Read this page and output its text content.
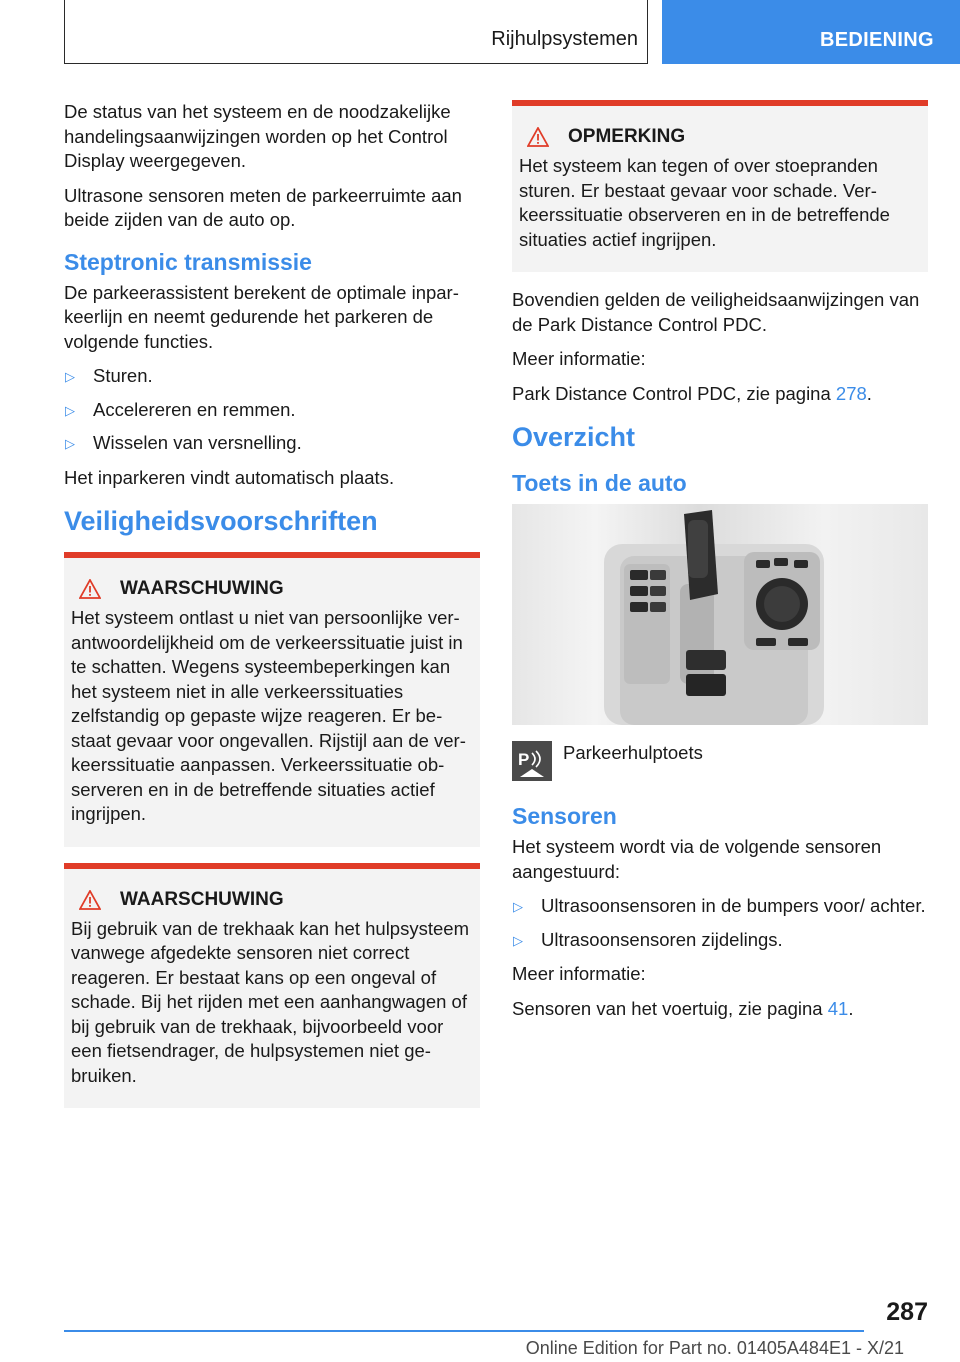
Rijhulpsystemen	BEDIENING

De status van het systeem en de noodzakelijke handelingsaanwijzingen worden op het Control Display weergegeven.

Ultrasone sensoren meten de parkeerruimte aan beide zijden van de auto op.

Steptronic transmissie

De parkeerassistent berekent de optimale inparkeerlijn en neemt gedurende het parkeren de volgende functies.

▷ Sturen.
▷ Accelereren en remmen.
▷ Wisselen van versnelling.

Het inparkeren vindt automatisch plaats.

Veiligheidsvoorschriften
WAARSCHUWING

Het systeem ontlast u niet van persoonlijke verantwoordelijkheid om de verkeerssituatie juist in te schatten. Wegens systeembeperkingen kan het systeem niet in alle verkeerssituaties zelfstandig op gepaste wijze reageren. Er bestaat gevaar voor ongevallen. Rijstijl aan de verkeerssituatie aanpassen. Verkeerssituatie observeren en in de betreffende situaties actief ingrijpen.

WAARSCHUWING

Bij gebruik van de trekhaak kan het hulpsysteem vanwege afgedekte sensoren niet correct reageren. Er bestaat kans op een ongeval of schade. Bij het rijden met een aanhangwagen of bij gebruik van de trekhaak, bijvoorbeeld voor een fietsendrager, de hulpsystemen niet gebruiken.

OPMERKING

Het systeem kan tegen of over stoepranden sturen. Er bestaat gevaar voor schade. Verkeerssituatie observeren en in de betreffende situaties actief ingrijpen.

Bovendien gelden de veiligheidsaanwijzingen van de Park Distance Control PDC.

Meer informatie:

Park Distance Control PDC, zie pagina 278.

Overzicht
Toets in de auto
P Parkeerhulptoets

Sensoren

Het systeem wordt via de volgende sensoren aangestuurd:

▷ Ultrasoonsensoren in de bumpers voor/ achter.
▷ Ultrasoonsensoren zijdelings.

Meer informatie:

Sensoren van het voertuig, zie pagina 41.

287
Online Edition for Part no. 01405A484E1 - X/21
